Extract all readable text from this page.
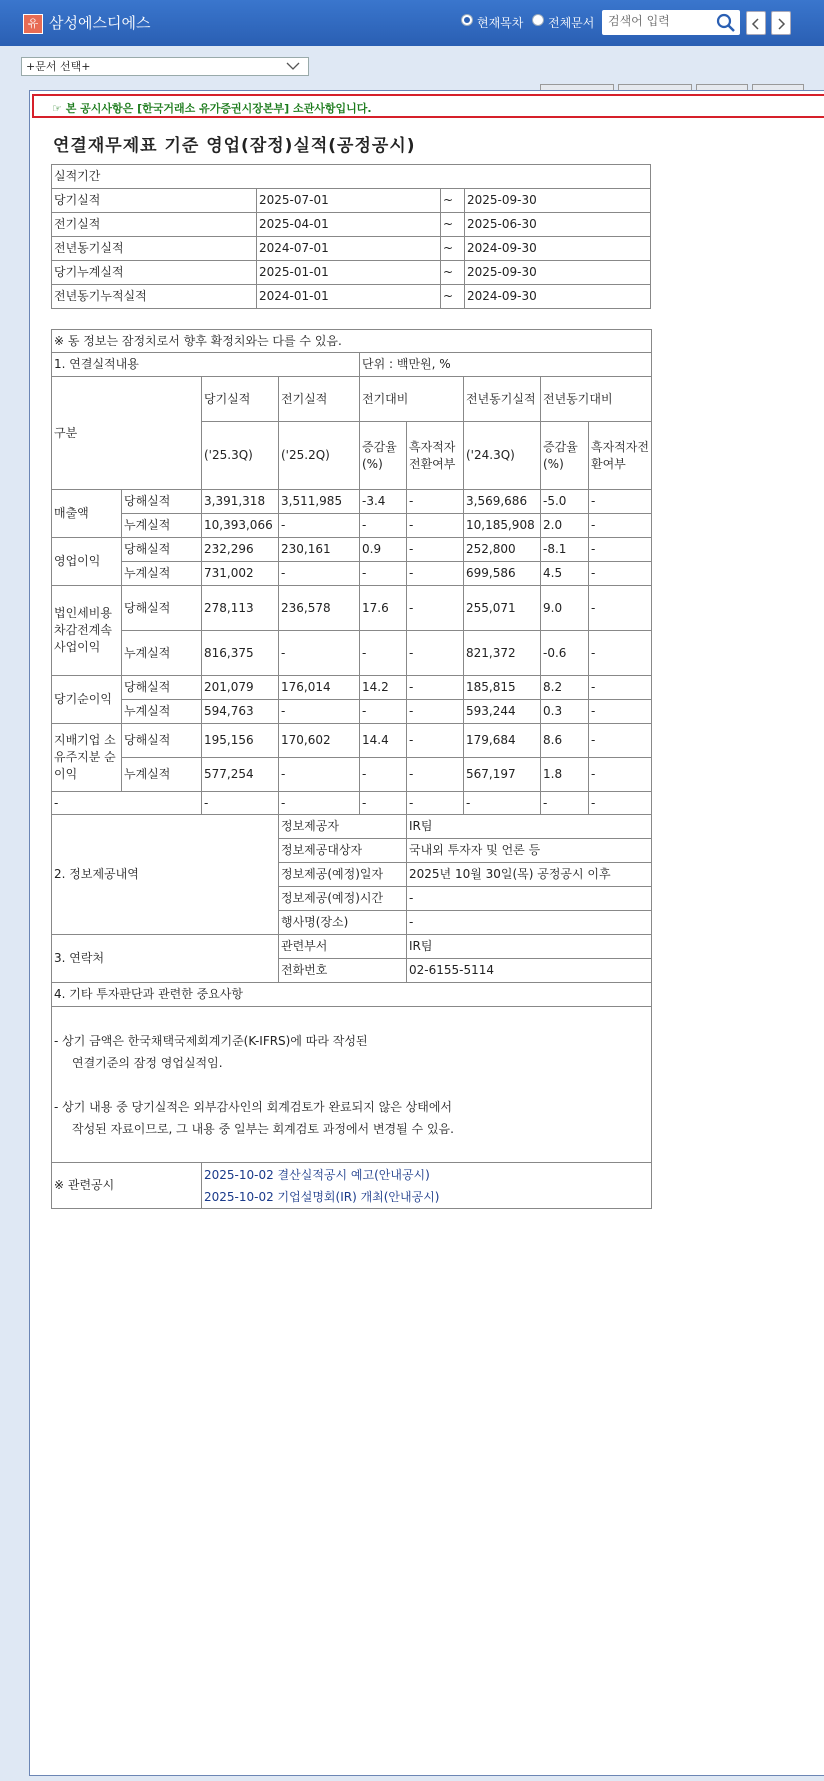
유 삼성에스디에스	현재목차 전체문서
검색어 입력
+문서 선택+
☞ 본 공시사항은 [한국거래소 유가증권시장본부] 소관사항입니다.
연결재무제표 기준 영업(잠정)실적(공정공시)
실적기간			
당기실적	2025-07-01	~	2025-09-30
전기실적	2025-04-01	~	2025-06-30
전년동기실적	2024-07-01	~	2024-09-30
당기누계실적	2025-01-01	~	2025-09-30
전년동기누적실적	2024-01-01	~	2024-09-30
※ 동 정보는 잠정치로서 향후 확정치와는 다를 수 있음.								
1. 연결실적내용				단위 : 백만원, %				
구분		당기실적	전기실적	전기대비		전년동기실적	전년동기대비	
		('25.3Q)	('25.2Q)	증감율(%)	흑자적자전환여부	('24.3Q)	증감율(%)	흑자적자전환여부
매출액	당해실적	3,391,318	3,511,985	-3.4	-	3,569,686	-5.0	-
	누계실적	10,393,066	-	-	-	10,185,908	2.0	-
영업이익	당해실적	232,296	230,161	0.9	-	252,800	-8.1	-
	누계실적	731,002	-	-	-	699,586	4.5	-
법인세비용차감전계속사업이익	당해실적	278,113	236,578	17.6	-	255,071	9.0	-
	누계실적	816,375	-	-	-	821,372	-0.6	-
당기순이익	당해실적	201,079	176,014	14.2	-	185,815	8.2	-
	누계실적	594,763	-	-	-	593,244	0.3	-
지배기업 소유주지분 순이익	당해실적	195,156	170,602	14.4	-	179,684	8.6	-
	누계실적	577,254	-	-	-	567,197	1.8	-
-		-	-	-	-	-	-	-
2. 정보제공내역			정보제공자		IR팀			
			정보제공대상자		국내외 투자자 및 언론 등			
			정보제공(예정)일자		2025년 10월 30일(목) 공정공시 이후			
			정보제공(예정)시간		-			
			행사명(장소)		-			
3. 연락처			관련부서		IR팀			
			전화번호		02-6155-5114			
4. 기타 투자판단과 관련한 중요사항								

- 상기 금액은 한국채택국제회계기준(K-IFRS)에 따라 작성된
연결기준의 잠정 영업실적임.
- 상기 내용 중 당기실적은 외부감사인의 회계검토가 완료되지 않은 상태에서
작성된 자료이므로, 그 내용 중 일부는 회계검토 과정에서 변경될 수 있음.								

※ 관련공시		2025-10-02 결산실적공시 예고(안내공시)
2025-10-02 기업설명회(IR) 개최(안내공시)						
